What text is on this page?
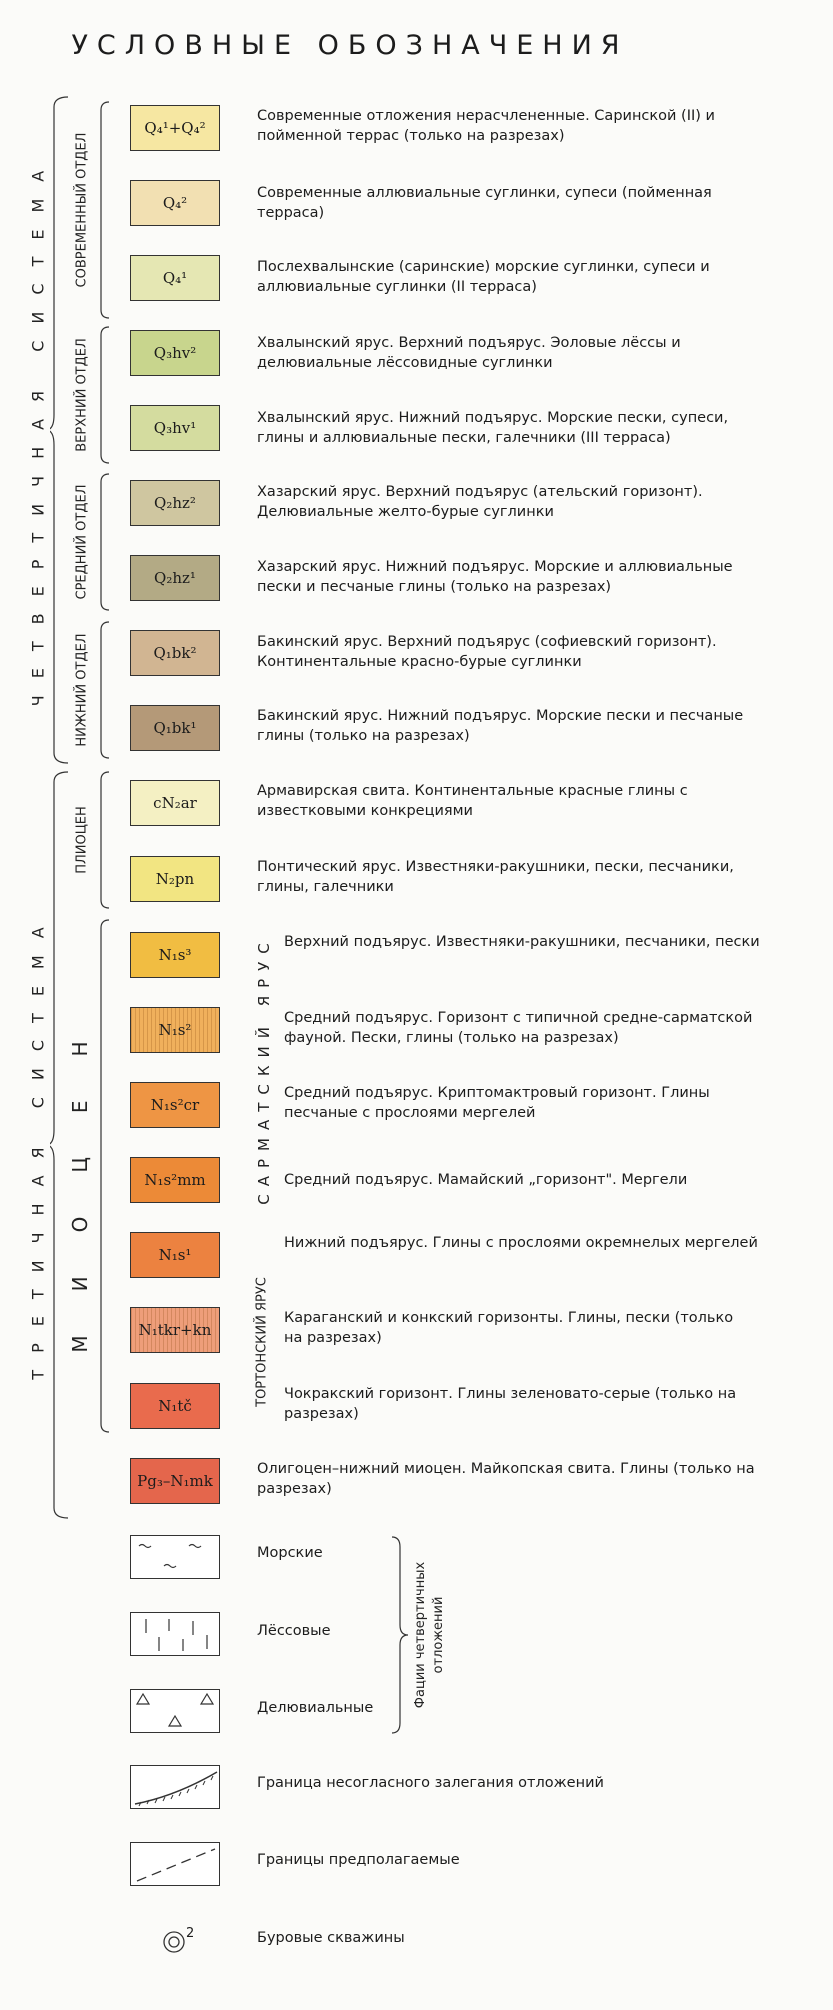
УСЛОВНЫЕ ОБОЗНАЧЕНИЯ
ЧЕТВЕРТИЧНАЯ СИСТЕМА
ТРЕТИЧНАЯ СИСТЕМА
СОВРЕМЕННЫЙ ОТДЕЛ
ВЕРХНИЙ ОТДЕЛ
СРЕДНИЙ ОТДЕЛ
НИЖНИЙ ОТДЕЛ
ПЛИОЦЕН
МИОЦЕН	САРМАТСКИЙ ЯРУС
ТОРТОНСКИЙ ЯРУС
Q₄¹+Q₄²
Современные отложения нерасчлененные. Саринской (II) и пойменной террас (только на разрезах)
Q₄²
Современные аллювиальные суглинки, супеси (пойменная терраса)
Q₄¹
Послехвалынские (саринские) морские суглинки, супеси и аллювиальные суглинки (II терраса)
Q₃hv²
Хвалынский ярус. Верхний подъярус. Эоловые лёссы и делювиальные лёссовидные суглинки
Q₃hv¹
Хвалынский ярус. Нижний подъярус. Морские пески, супеси, глины и аллювиальные пески, галечники (III терраса)
Q₂hz²
Хазарский ярус. Верхний подъярус (ательский горизонт). Делювиальные желто-бурые суглинки
Q₂hz¹
Хазарский ярус. Нижний подъярус. Морские и аллювиальные пески и песчаные глины (только на разрезах)
Q₁bk²
Бакинский ярус. Верхний подъярус (софиевский горизонт). Континентальные красно-бурые суглинки
Q₁bk¹
Бакинский ярус. Нижний подъярус. Морские пески и песчаные глины (только на разрезах)
cN₂ar
Армавирская свита. Континентальные красные глины с известковыми конкрециями
N₂pn
Понтический ярус. Известняки-ракушники, пески, песчаники, глины, галечники
N₁s³
Верхний подъярус. Известняки-ракушники, песчаники, пески
N₁s²
Средний подъярус. Горизонт с типичной средне-сарматской фауной. Пески, глины (только на разрезах)
N₁s²cr
Средний подъярус. Криптомактровый горизонт. Глины песчаные с прослоями мергелей
N₁s²mm	Средний подъярус. Мамайский „горизонт". Мергели
N₁s¹
Нижний подъярус. Глины с прослоями окремнелых мергелей
N₁tkr+kn
Караганский и конкский горизонты. Глины, пески (только на разрезах)
N₁tč
Чокракский горизонт. Глины зеленовато-серые (только на разрезах)
Pg₃–N₁mk
Олигоцен–нижний миоцен. Майкопская свита. Глины (только на разрезах)
Морские
Лёссовые
Делювиальные	Фации четвертичных отложений
Граница несогласного залегания отложений
Границы предполагаемые
2	Буровые скважины
